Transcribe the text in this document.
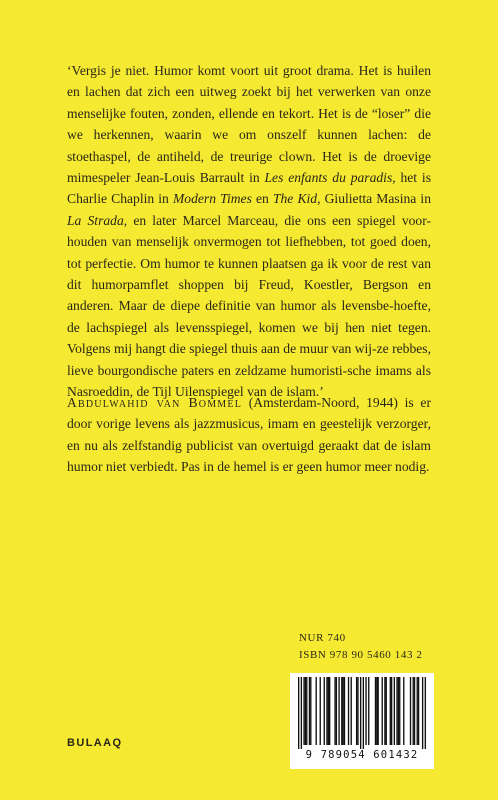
‘Vergis je niet. Humor komt voort uit groot drama. Het is huilen en lachen dat zich een uitweg zoekt bij het verwerken van onze menselijke fouten, zonden, ellende en tekort. Het is de “loser” die we herkennen, waarin we om onszelf kunnen lachen: de stoethaspel, de antiheld, de treurige clown. Het is de droevige mimespeler Jean-Louis Barrault in Les enfants du paradis, het is Charlie Chaplin in Modern Times en The Kid, Giulietta Masina in La Strada, en later Marcel Marceau, die ons een spiegel voor-houden van menselijk onvermogen tot liefhebben, tot goed doen, tot perfectie. Om humor te kunnen plaatsen ga ik voor de rest van dit humorpamflet shoppen bij Freud, Koestler, Bergson en anderen. Maar de diepe definitie van humor als levensbe-hoefte, de lachspiegel als levensspiegel, komen we bij hen niet tegen. Volgens mij hangt die spiegel thuis aan de muur van wij-ze rebbes, lieve bourgondische paters en zeldzame humoristi-sche imams als Nasroeddin, de Tijl Uilenspiegel van de islam.’

Abdulwahid van Bommel (Amsterdam-Noord, 1944) is er door vorige levens als jazzmusicus, imam en geestelijk verzorger, en nu als zelfstandig publicist van overtuigd geraakt dat de islam humor niet verbiedt. Pas in de hemel is er geen humor meer nodig.

NUR 740
ISBN 978 90 5460 143 2
BULAAQ
9 789054 601432
